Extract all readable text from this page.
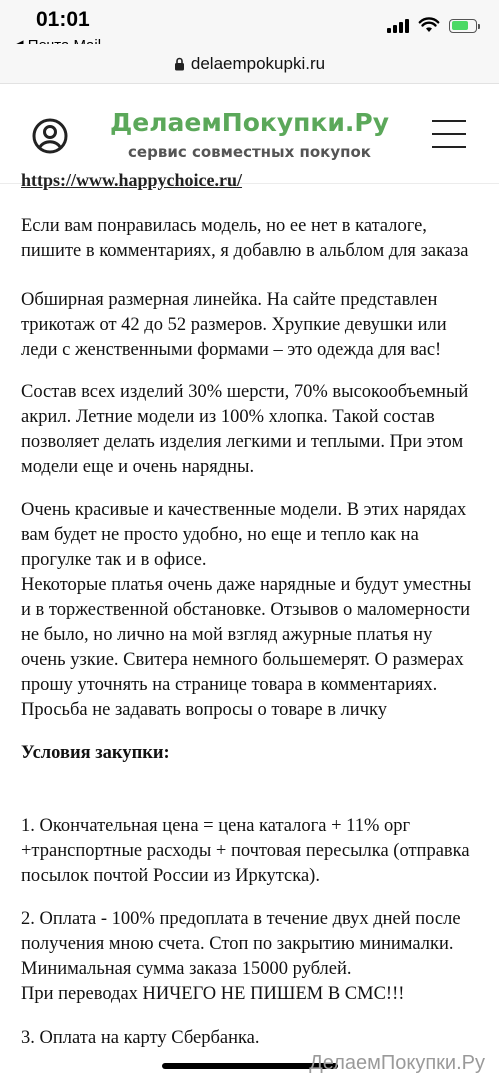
01:01
delaempokupki.ru
ДелаемПокупки.Ру
сервис совместных покупок
https://www.happychoice.ru/

Если вам понравилась модель, но ее нет в каталоге,

пишите в комментариях, я добавлю в альблом для заказа

Обширная размерная линейка. На сайте представлен

трикотаж от 42 до 52 размеров. Хрупкие девушки или

леди с женственными формами – это одежда для вас!

Состав всех изделий 30% шерсти, 70% высокообъемный

акрил. Летние модели из 100% хлопка. Такой состав

позволяет делать изделия легкими и теплыми. При этом

модели еще и очень нарядны.

Очень красивые и качественные модели. В этих нарядах

вам будет не просто удобно, но еще и тепло как на

прогулке так и в офисе.

Некоторые платья очень даже нарядные и будут уместны

и в торжественной обстановке. Отзывов о маломерности

не было, но лично на мой взгляд ажурные платья ну

очень узкие. Свитера немного большемерят. О размерах

прошу уточнять на странице товара в комментариях.

Просьба не задавать вопросы о товаре в личку

Условия закупки:

1. Окончательная цена = цена каталога + 11% орг

+транспортные расходы + почтовая пересылка (отправка

посылок почтой России из Иркутска).

2. Оплата - 100% предоплата в течение двух дней после

получения мною счета. Стоп по закрытию минималки.

Минимальная сумма заказа 15000 рублей.

При переводах НИЧЕГО НЕ ПИШЕМ В СМС!!!

3. Оплата на карту Сбербанка.

ДелаемПокупки.Ру
